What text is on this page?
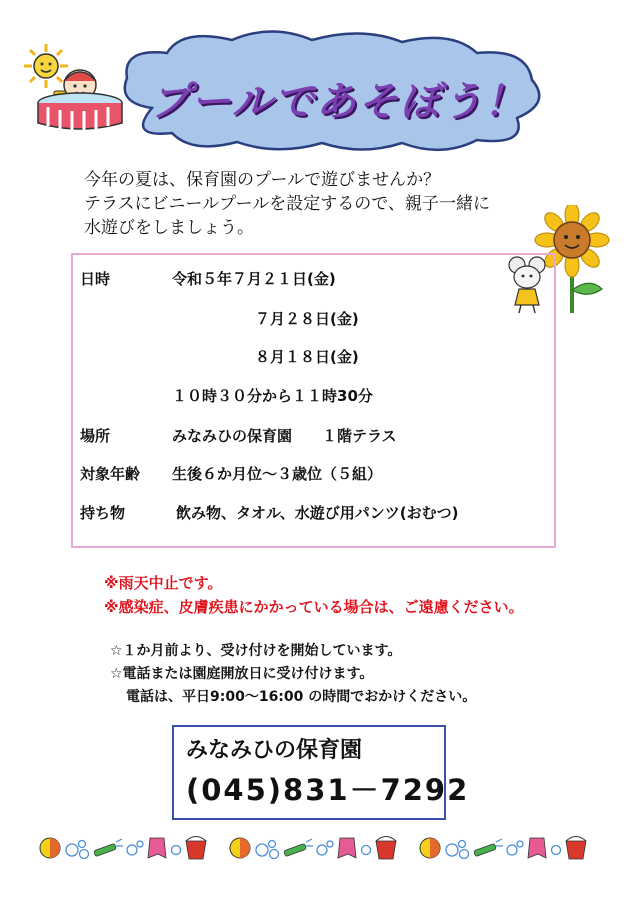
プールであそぼう！
今年の夏は、保育園のプールで遊びませんか？
テラスにビニールプールを設定するので、親子一緒に
水遊びをしましょう。
日時	令和５年７月２１日(金)
７月２８日(金)
８月１８日(金)
１０時３０分から１１時30分
場所	みなみひの保育園　　１階テラス
対象年齢 生後６か月位～３歳位（５組）
持ち物	飲み物、タオル、水遊び用パンツ(おむつ)
※雨天中止です。
※感染症、皮膚疾患にかかっている場合は、ご遠慮ください。
☆１か月前より、受け付けを開始しています。
☆電話または園庭開放日に受け付けます。
電話は、平日9:00～16:00 の時間でおかけください。
みなみひの保育園
(045)831－7292
